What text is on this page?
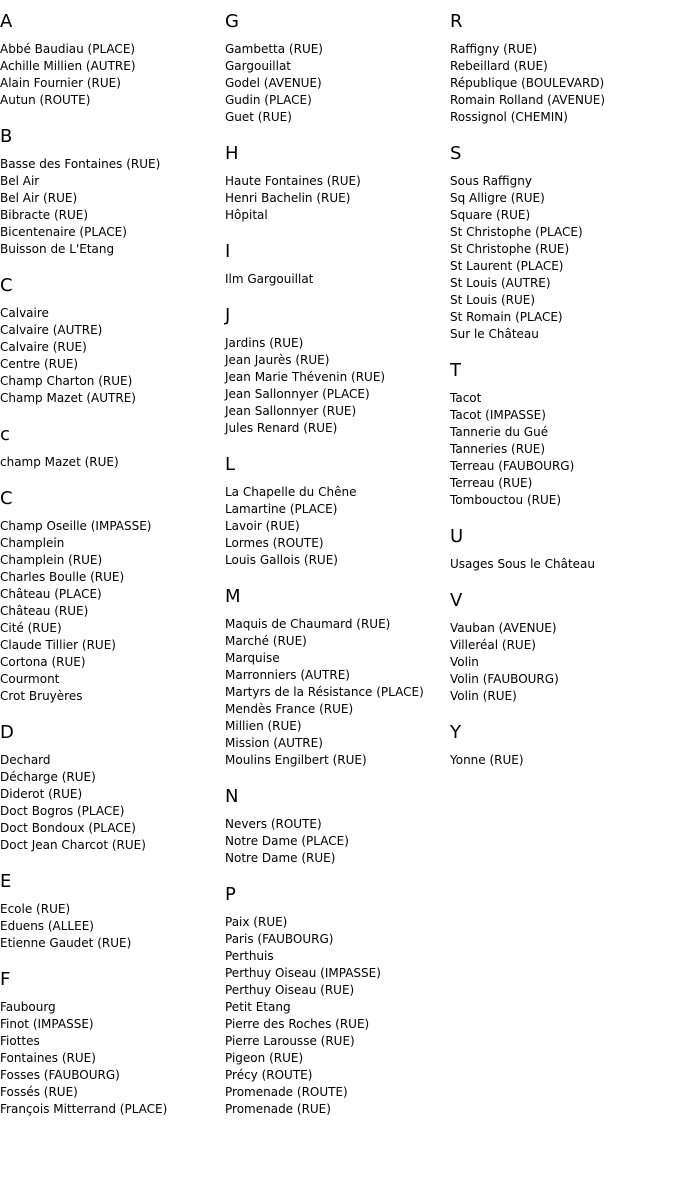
A
Abbé Baudiau (PLACE)
Achille Millien (AUTRE)
Alain Fournier (RUE)
Autun (ROUTE)
B
Basse des Fontaines (RUE)
Bel Air
Bel Air (RUE)
Bibracte (RUE)
Bicentenaire (PLACE)
Buisson de L'Etang
C
Calvaire
Calvaire (AUTRE)
Calvaire (RUE)
Centre (RUE)
Champ Charton (RUE)
Champ Mazet (AUTRE)
c
champ Mazet (RUE)
C
Champ Oseille (IMPASSE)
Champlein
Champlein (RUE)
Charles Boulle (RUE)
Château (PLACE)
Château (RUE)
Cité (RUE)
Claude Tillier (RUE)
Cortona (RUE)
Courmont
Crot Bruyères
D
Dechard
Décharge (RUE)
Diderot (RUE)
Doct Bogros (PLACE)
Doct Bondoux (PLACE)
Doct Jean Charcot (RUE)
E
Ecole (RUE)
Eduens (ALLEE)
Etienne Gaudet (RUE)
F
Faubourg
Finot (IMPASSE)
Fiottes
Fontaines (RUE)
Fosses (FAUBOURG)
Fossés (RUE)
François Mitterrand (PLACE)
G
Gambetta (RUE)
Gargouillat
Godel (AVENUE)
Gudin (PLACE)
Guet (RUE)
H
Haute Fontaines (RUE)
Henri Bachelin (RUE)
Hôpital
I
Ilm Gargouillat
J
Jardins (RUE)
Jean Jaurès (RUE)
Jean Marie Thévenin (RUE)
Jean Sallonnyer (PLACE)
Jean Sallonnyer (RUE)
Jules Renard (RUE)
L
La Chapelle du Chêne
Lamartine (PLACE)
Lavoir (RUE)
Lormes (ROUTE)
Louis Gallois (RUE)
M
Maquis de Chaumard (RUE)
Marché (RUE)
Marquise
Marronniers (AUTRE)
Martyrs de la Résistance (PLACE)
Mendès France (RUE)
Millien (RUE)
Mission (AUTRE)
Moulins Engilbert (RUE)
N
Nevers (ROUTE)
Notre Dame (PLACE)
Notre Dame (RUE)
P
Paix (RUE)
Paris (FAUBOURG)
Perthuis
Perthuy Oiseau (IMPASSE)
Perthuy Oiseau (RUE)
Petit Etang
Pierre des Roches (RUE)
Pierre Larousse (RUE)
Pigeon (RUE)
Précy (ROUTE)
Promenade (ROUTE)
Promenade (RUE)
R
Raffigny (RUE)
Rebeillard (RUE)
République (BOULEVARD)
Romain Rolland (AVENUE)
Rossignol (CHEMIN)
S
Sous Raffigny
Sq Alligre (RUE)
Square (RUE)
St Christophe (PLACE)
St Christophe (RUE)
St Laurent (PLACE)
St Louis (AUTRE)
St Louis (RUE)
St Romain (PLACE)
Sur le Château
T
Tacot
Tacot (IMPASSE)
Tannerie du Gué
Tanneries (RUE)
Terreau (FAUBOURG)
Terreau (RUE)
Tombouctou (RUE)
U
Usages Sous le Château
V
Vauban (AVENUE)
Villeréal (RUE)
Volin
Volin (FAUBOURG)
Volin (RUE)
Y
Yonne (RUE)
